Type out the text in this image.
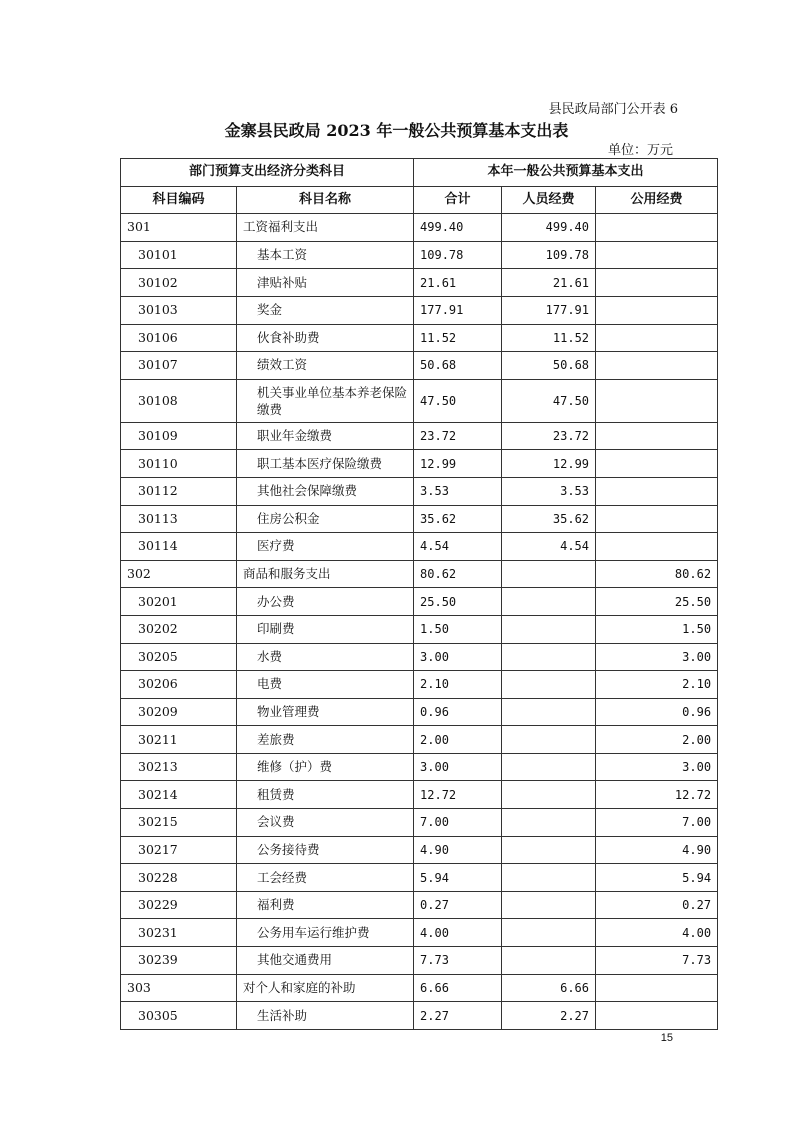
县民政局部门公开表 6
金寨县民政局 2023 年一般公共预算基本支出表
单位：万元
部门预算支出经济分类科目		本年一般公共预算基本支出		
科目编码	科目名称	合计	人员经费	公用经费
301	工资福利支出	499.40	499.40	
30101	基本工资	109.78	109.78	
30102	津贴补贴	21.61	21.61	
30103	奖金	177.91	177.91	
30106	伙食补助费	11.52	11.52	
30107	绩效工资	50.68	50.68	
30108	机关事业单位基本养老保险缴费	47.50	47.50	
30109	职业年金缴费	23.72	23.72	
30110	职工基本医疗保险缴费	12.99	12.99	
30112	其他社会保障缴费	3.53	3.53	
30113	住房公积金	35.62	35.62	
30114	医疗费	4.54	4.54	
302	商品和服务支出	80.62		80.62
30201	办公费	25.50		25.50
30202	印刷费	1.50		1.50
30205	水费	3.00		3.00
30206	电费	2.10		2.10
30209	物业管理费	0.96		0.96
30211	差旅费	2.00		2.00
30213	维修（护）费	3.00		3.00
30214	租赁费	12.72		12.72
30215	会议费	7.00		7.00
30217	公务接待费	4.90		4.90
30228	工会经费	5.94		5.94
30229	福利费	0.27		0.27
30231	公务用车运行维护费	4.00		4.00
30239	其他交通费用	7.73		7.73
303	对个人和家庭的补助	6.66	6.66	
30305	生活补助	2.27	2.27	
15
